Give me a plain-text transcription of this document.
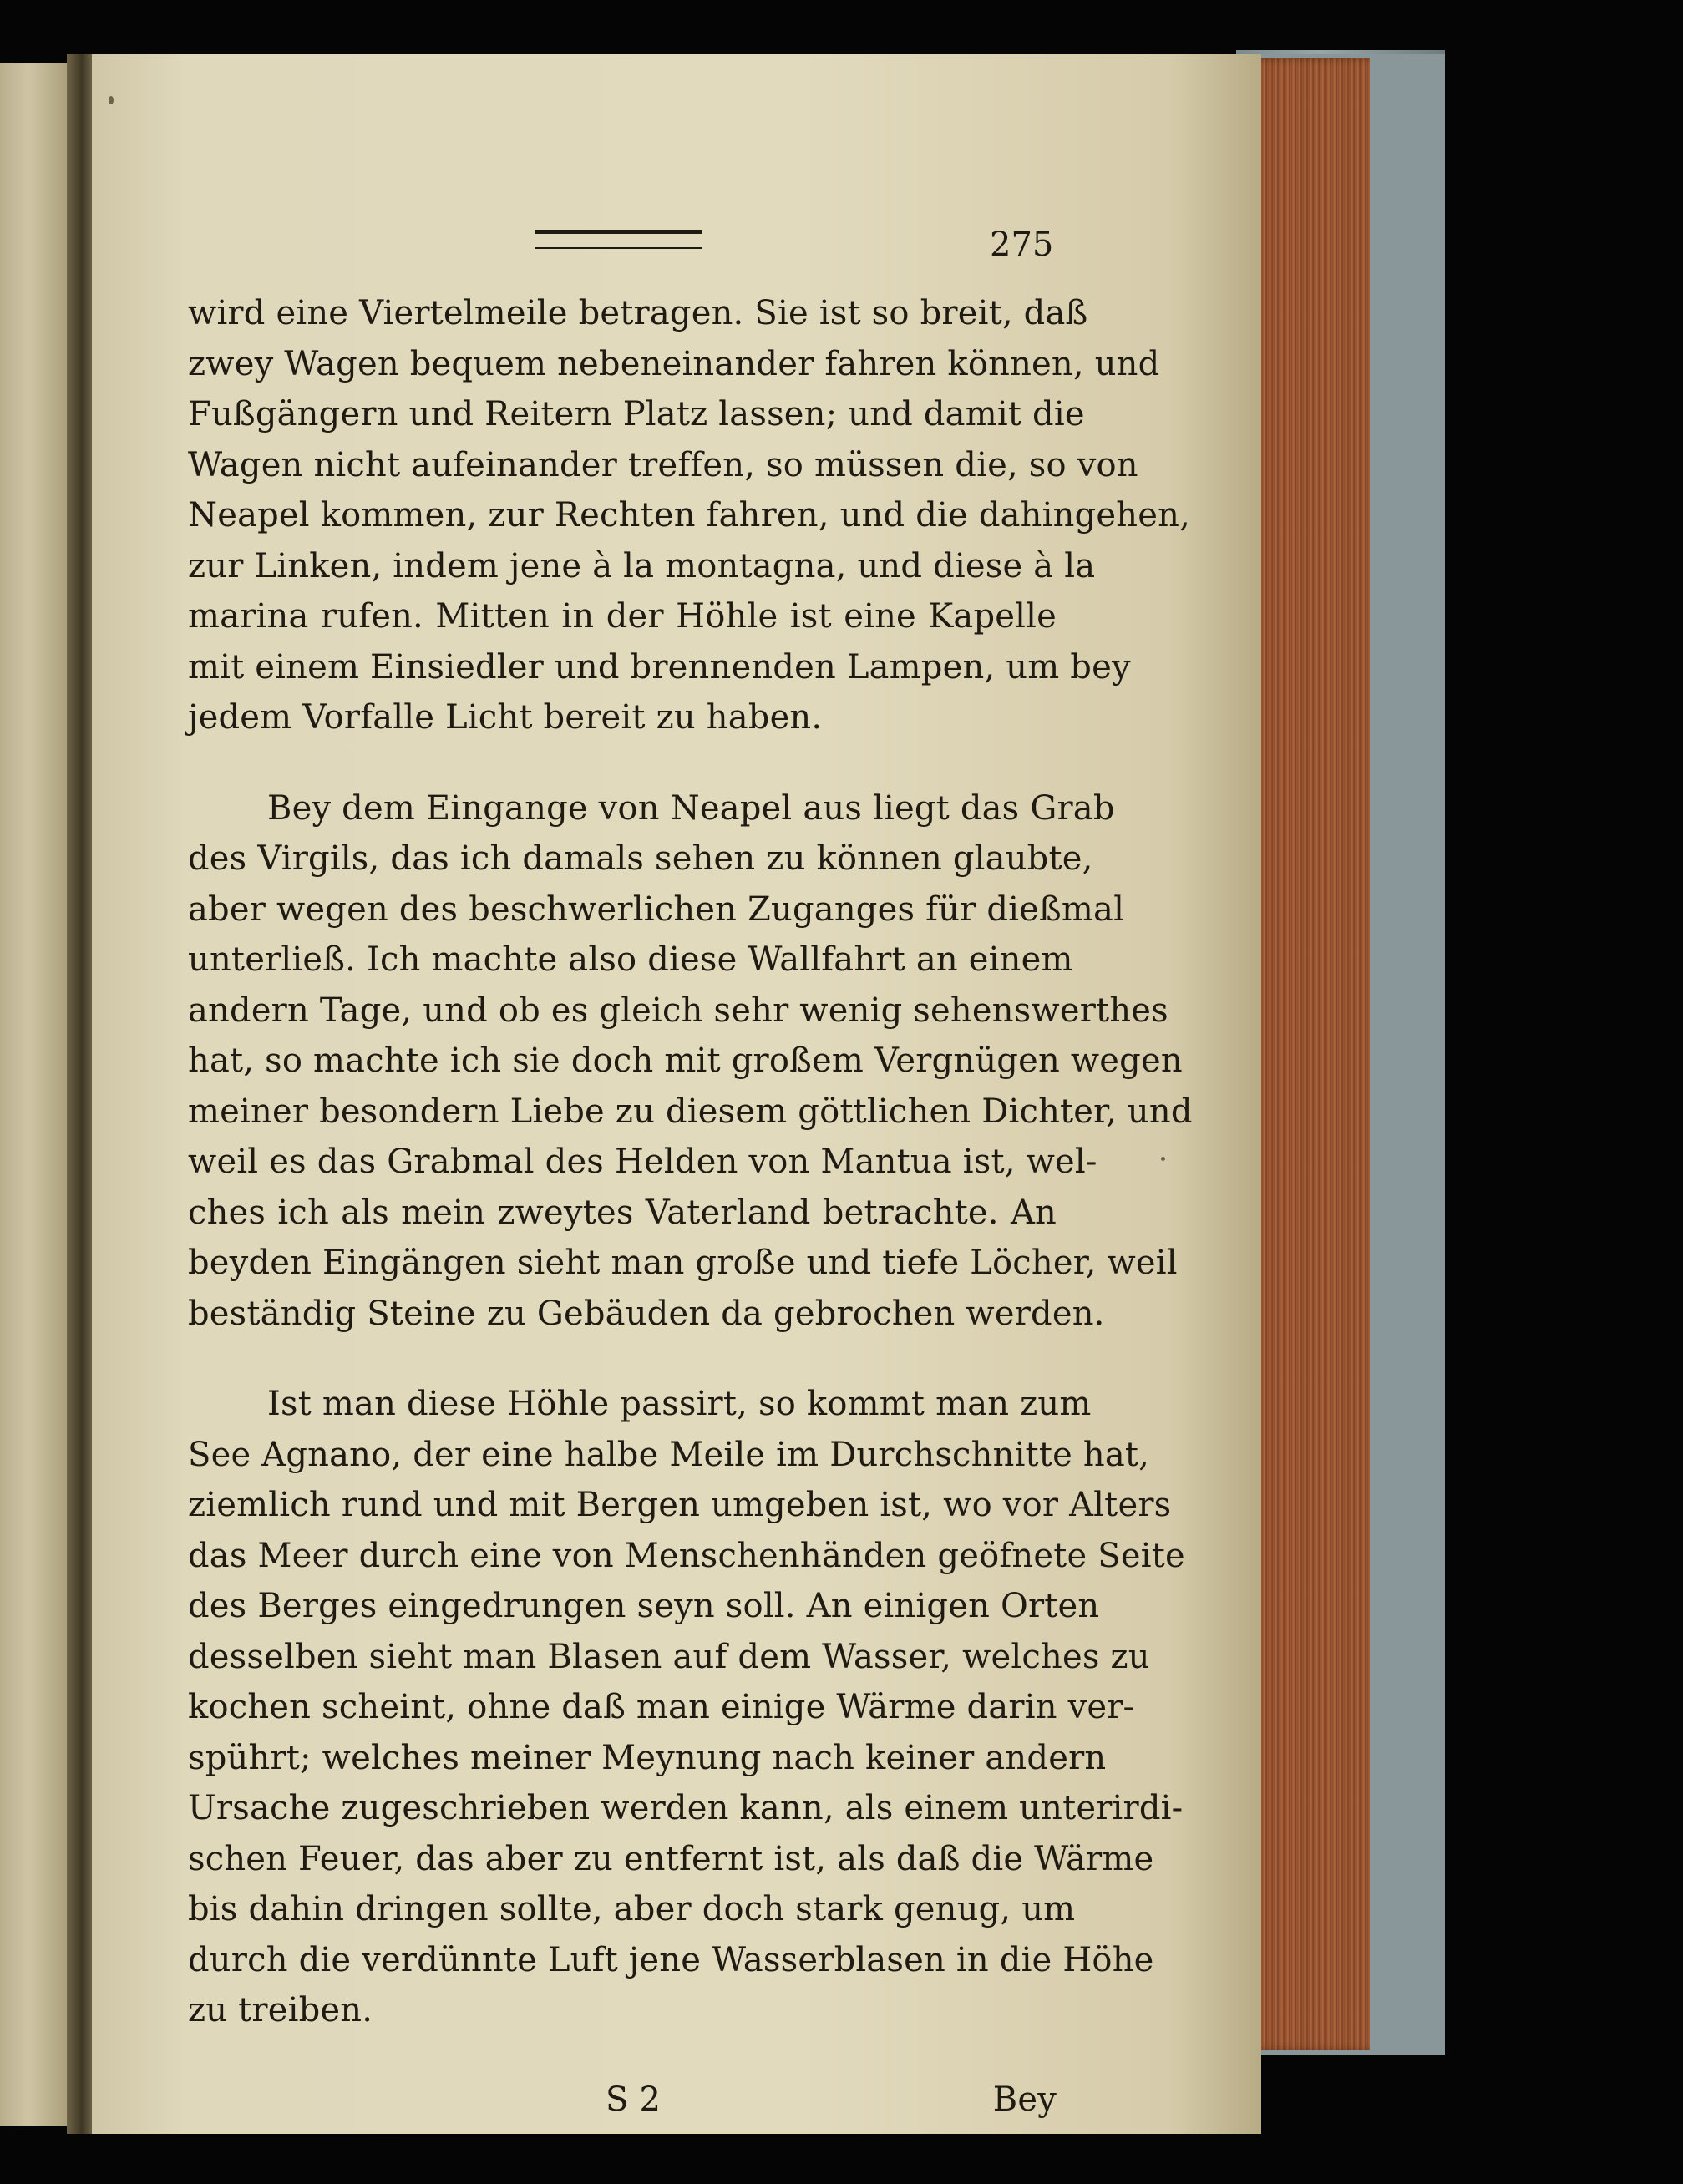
275
wird eine Viertelmeile betragen. Sie ist so breit, daß
zwey Wagen bequem nebeneinander fahren können, und
Fußgängern und Reitern Platz lassen; und damit die
Wagen nicht aufeinander treffen, so müssen die, so von
Neapel kommen, zur Rechten fahren, und die dahingehen,
zur Linken, indem jene à la montagna, und diese à la
marina rufen. Mitten in der Höhle ist eine Kapelle
mit einem Einsiedler und brennenden Lampen, um bey
jedem Vorfalle Licht bereit zu haben.
Bey dem Eingange von Neapel aus liegt das Grab
des Virgils, das ich damals sehen zu können glaubte,
aber wegen des beschwerlichen Zuganges für dießmal
unterließ. Ich machte also diese Wallfahrt an einem
andern Tage, und ob es gleich sehr wenig sehenswerthes
hat, so machte ich sie doch mit großem Vergnügen wegen
meiner besondern Liebe zu diesem göttlichen Dichter, und
weil es das Grabmal des Helden von Mantua ist, wel-
ches ich als mein zweytes Vaterland betrachte. An
beyden Eingängen sieht man große und tiefe Löcher, weil
beständig Steine zu Gebäuden da gebrochen werden.
Ist man diese Höhle passirt, so kommt man zum
See Agnano, der eine halbe Meile im Durchschnitte hat,
ziemlich rund und mit Bergen umgeben ist, wo vor Alters
das Meer durch eine von Menschenhänden geöfnete Seite
des Berges eingedrungen seyn soll. An einigen Orten
desselben sieht man Blasen auf dem Wasser, welches zu
kochen scheint, ohne daß man einige Wärme darin ver-
spührt; welches meiner Meynung nach keiner andern
Ursache zugeschrieben werden kann, als einem unterirdi-
schen Feuer, das aber zu entfernt ist, als daß die Wärme
bis dahin dringen sollte, aber doch stark genug, um
durch die verdünnte Luft jene Wasserblasen in die Höhe
zu treiben.
S 2	Bey
